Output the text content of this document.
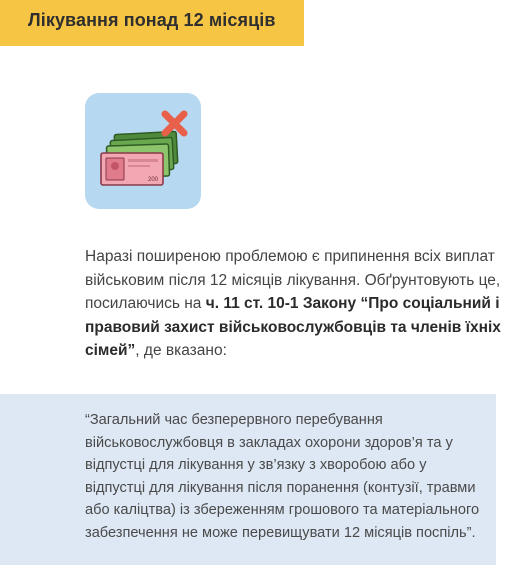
Лікування понад 12 місяців
200
Наразі поширеною проблемою є припинення всіх виплат військовим після 12 місяців лікування. Обґрунтовують це, посилаючись на ч. 11 ст. 10-1 Закону “Про соціальний і правовий захист військовослужбовців та членів їхніх сімей”, де вказано:
“Загальний час безперервного перебування військовослужбовця в закладах охорони здоров’я та у відпустці для лікування у зв’язку з хворобою або у відпустці для лікування після поранення (контузії, травми або каліцтва) із збереженням грошового та матеріального забезпечення не може перевищувати 12 місяців поспіль”.
